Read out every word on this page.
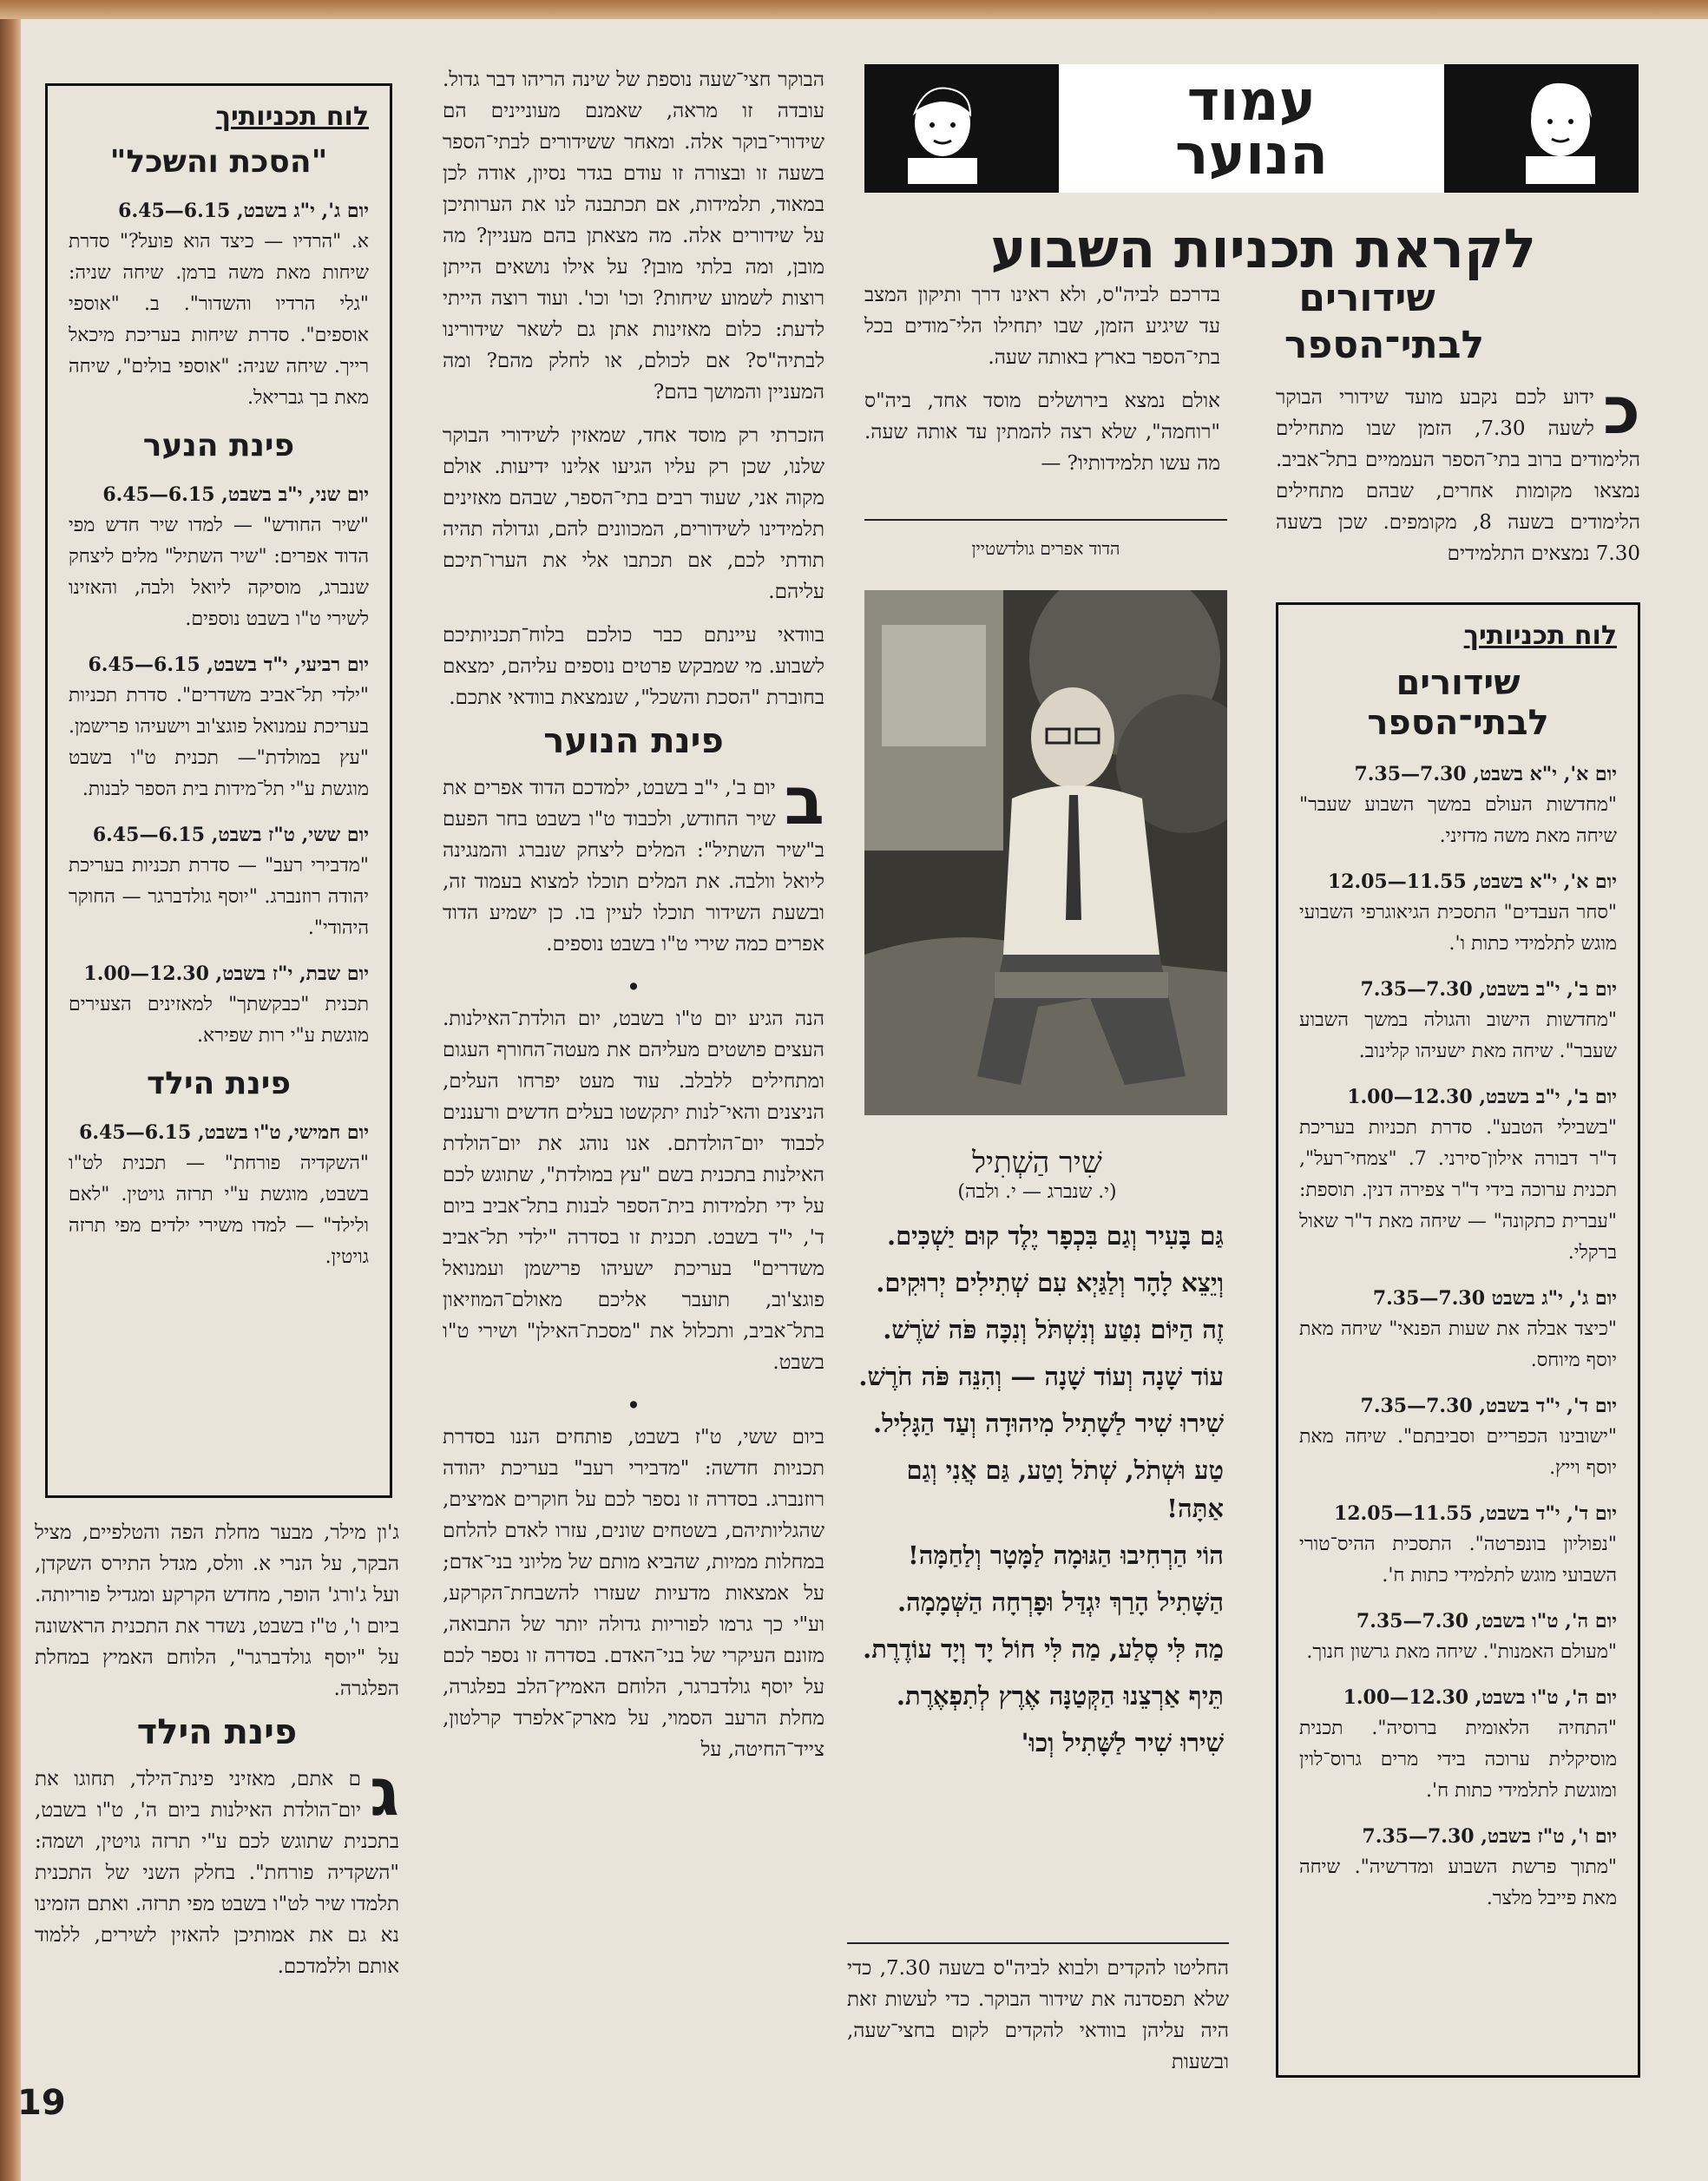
עמוד
הנוער
לקראת תכניות השבוע
שידורים
לבתי־הספר
כ
ידוע לכם נקבע מועד שידורי הבוקר לשעה 7.30, הזמן שבו מתחילים הלימודים ברוב בתי־הספר העממיים בתל־אביב. נמצאו מקומות אחרים, שבהם מתחילים הלימודים בשעה 8, מקומפים. שכן בשעה 7.30 נמצאים התלמידים

בדרכם לביה"ס, ולא ראינו דרך ותיקון המצב עד שיגיע הזמן, שבו יתחילו הלי־מודים בכל בתי־הספר בארץ באותה שעה.

אולם נמצא בירושלים מוסד אחד, ביה"ס "רוחמה", שלא רצה להמתין עד אותה שעה. מה עשו תלמידותיו? —

הדוד אפרים גולדשטיין
שִׁיר הַשְׁתִיל
(י. שנברג — י. ולבה)
גַּם בָּעִיר וְגַם בִּכְפָר יֶלֶד קוּם יַשְׁכִּים.
וְיֵצֵא לָהָר וְלַגַּיְא עִם שְׁתִילִים יְרוּקִים.
זֶה הַיּוֹם נִטַּע וְנִשְׁתֹּל וְנִכָּה פֹּה שֹׁרֶשׁ.
עוֹד שָׁנָה וְעוֹד שָׁנָה — וְהִנֵּה פֹּה חֹרֶשׁ.
שִׁירוּ שִׁיר לַשָׁתִיל מִיהוּדָה וְעַד הַגָּלִיל.
טַע וּשְׁתֹל, שְׁתֹל וָטַע, גַּם אֲנִי וְגַם אַתָּה!
הוֹי הַרְחִיבוּ הַגּוּמָה לַמָּטָר וְלַחַמָּה!
הַשָּׁתִיל הָרַךְ יִגְדַּל וּפָרְחָה הַשְּׁמָמָה.
מַה לִּי סֶלַע, מַה לִּי חוֹל יָד וְיָד עוֹדֶרֶת.
תֵּיף אַרְצֵנוּ הַקְּטַנָּה אֶרֶץ לְתִפְאֶרֶת.
שִׁירוּ שִׁיר לַשָּׁתִיל וְכוּ'
החליטו להקדים ולבוא לביה"ס בשעה 7.30, כדי שלא תפסדנה את שידור הבוקר. כדי לעשות זאת היה עליהן בוודאי להקדים לקום בחצי־שעה, ובשעות
לוח תכניותיך
שידורים
לבתי־הספר
יום א', י"א בשבט, 7.30—7.35
"מחדשות העולם במשך השבוע שעבר" שיחה מאת משה מדזיני.
יום א', י"א בשבט, 11.55—12.05
"סחר העבדים" התסכית הגיאוגרפי השבועי מוגש לתלמידי כתות ו'.
יום ב', י"ב בשבט, 7.30—7.35
"מחדשות הישוב והגולה במשך השבוע שעבר". שיחה מאת ישעיהו קלינוב.
יום ב', י"ב בשבט, 12.30—1.00
"בשבילי הטבע". סדרת תכניות בעריכת ד"ר דבורה אילון־סירני. 7. "צמחי־רעל", תכנית ערוכה בידי ד"ר צפירה דנין. תוספת: "עברית כתקונה" — שיחה מאת ד"ר שאול ברקלי.
יום ג', י"ג בשבט 7.30—7.35
"כיצד אבלה את שעות הפנאי" שיחה מאת יוסף מיוחס.
יום ד', י"ד בשבט, 7.30—7.35
"ישובינו הכפריים וסביבתם". שיחה מאת יוסף וייץ.
יום ד', י"ד בשבט, 11.55—12.05
"נפוליון בונפרטה". התסכית ההיס־טורי השבועי מוגש לתלמידי כתות ח'.
יום ה', ט"ו בשבט, 7.30—7.35
"מעולם האמנות". שיחה מאת גרשון חנוך.
יום ה', ט"ו בשבט, 12.30—1.00
"התחיה הלאומית ברוסיה". תכנית מוסיקלית ערוכה בידי מרים גרוס־לוין ומוגשת לתלמידי כתות ח'.
יום ו', ט"ז בשבט, 7.30—7.35
"מתוך פרשת השבוע ומדרשיה". שיחה מאת פייבל מלצר.

הבוקר חצי־שעה נוספת של שינה הריהו דבר גדול. עובדה זו מראה, שאמנם מעוניינים הם שידורי־בוקר אלה. ומאחר ששידורים לבתי־הספר בשעה זו ובצורה זו עודם בגדר נסיון, אודה לכן במאוד, תלמידות, אם תכתבנה לנו את הערותיכן על שידורים אלה. מה מצאתן בהם מעניין? מה מובן, ומה בלתי מובן? על אילו נושאים הייתן רוצות לשמוע שיחות? וכו' וכו'. ועוד רוצה הייתי לדעת: כלום מאזינות אתן גם לשאר שידורינו לבתיה"ס? אם לכולם, או לחלק מהם? ומה המעניין והמושך בהם?

הזכרתי רק מוסד אחד, שמאזין לשידורי הבוקר שלנו, שכן רק עליו הגיעו אלינו ידיעות. אולם מקוה אני, שעוד רבים בתי־הספר, שבהם מאזינים תלמידינו לשידורים, המכוונים להם, וגדולה תהיה תודתי לכם, אם תכתבו אלי את הערו־תיכם עליהם.

בוודאי עיינתם כבר כולכם בלוח־תכניותיכם לשבוע. מי שמבקש פרטים נוספים עליהם, ימצאם בחוברת "הסכת והשכל", שנמצאת בוודאי אתכם.

פינת הנוער

ב
יום ב', י"ב בשבט, ילמדכם הדוד אפרים את שיר החודש, ולכבוד ט"ו בשבט בחר הפעם ב"שיר השתיל": המלים ליצחק שנברג והמנגינה ליואל וולבה. את המלים תוכלו למצוא בעמוד זה, ובשעת השידור תוכלו לעיין בו. כן ישמיע הדוד אפרים כמה שירי ט"ו בשבט נוספים.

•

הנה הגיע יום ט"ו בשבט, יום הולדת־האילנות. העצים פושטים מעליהם את מעטה־החורף העגום ומתחילים ללבלב. עוד מעט יפרחו העלים, הניצנים והאי־לנות יתקשטו בעלים חדשים ורעננים לכבוד יום־הולדתם. אנו נוהג את יום־הולדת האילנות בתכנית בשם "עץ במולדת", שתוגש לכם על ידי תלמידות בית־הספר לבנות בתל־אביב ביום ד', י"ד בשבט. תכנית זו בסדרה "ילדי תל־אביב משדרים" בעריכת ישעיהו פרישמן ועמנואל פוגצ'וב, תועבר אליכם מאולם־המוזיאון בתל־אביב, ותכלול את "מסכת־האילן" ושירי ט"ו בשבט.

•

ביום ששי, ט"ז בשבט, פותחים הננו בסדרת תכניות חדשה: "מדבירי רעב" בעריכת יהודה רוזנברג. בסדרה זו נספר לכם על חוקרים אמיצים, שהגליותיהם, בשטחים שונים, עזרו לאדם להלחם במחלות ממיות, שהביא מותם של מליוני בני־אדם; על אמצאות מדעיות שעזרו להשבחת־הקרקע, וע"י כך גרמו לפוריות גדולה יותר של התבואה, מזונם העיקרי של בני־האדם. בסדרה זו נספר לכם על יוסף גולדברגר, הלוחם האמיץ־הלב בפלגרה, מחלת הרעב הסמוי, על מארק־אלפרד קרלטון, צייד־החיטה, על

לוח תכניותיך
"הסכת והשכל"
יום ג', י"ג בשבט, 6.15—6.45
א. "הרדיו — כיצד הוא פועל?" סדרת שיחות מאת משה ברמן. שיחה שניה: "גלי הרדיו והשדור". ב. "אוספי אוספים". סדרת שיחות בעריכת מיכאל רייך. שיחה שניה: "אוספי בולים", שיחה מאת בך גבריאל.
פינת הנער
יום שני, י"ב בשבט, 6.15—6.45
"שיר החודש" — למדו שיר חדש מפי הדוד אפרים: "שיר השתיל" מלים ליצחק שנברג, מוסיקה ליואל ולבה, והאזינו לשירי ט"ו בשבט נוספים.
יום רביעי, י"ד בשבט, 6.15—6.45
"ילדי תל־אביב משדרים". סדרת תכניות בעריכת עמנואל פוגצ'וב וישעיהו פרישמן. "עץ במולדת"— תכנית ט"ו בשבט מוגשת ע"י תל־מידות בית הספר לבנות.
יום ששי, ט"ז בשבט, 6.15—6.45
"מדבירי רעב" — סדרת תכניות בעריכת יהודה רוזנברג. "יוסף גולדברגר — החוקר היהודי".
יום שבת, י"ז בשבט, 12.30—1.00
תכנית "כבקשתך" למאזינים הצעירים מוגשת ע"י רות שפירא.
פינת הילד
יום חמישי, ט"ו בשבט, 6.15—6.45
"השקדיה פורחת" — תכנית לט"ו בשבט, מוגשת ע"י תרזה גויטין. "לאם ולילד" — למדו משירי ילדים מפי תרזה גויטין.

ג'ון מילר, מבער מחלת הפה והטלפיים, מציל הבקר, על הנרי א. וולס, מגדל התירס השקדן, ועל ג'ורג' הופר, מחדש הקרקע ומגדיל פוריותה. ביום ו', ט"ז בשבט, נשדר את התכנית הראשונה על "יוסף גולדברגר", הלוחם האמיץ במחלת הפלגרה.

פינת הילד

ג
ם אתם, מאזיני פינת־הילד, תחוגו את יום־הולדת האילנות ביום ה', ט"ו בשבט, בתכנית שתוגש לכם ע"י תרזה גויטין, ושמה: "השקדיה פורחת". בחלק השני של התכנית תלמדו שיר לט"ו בשבט מפי תרזה. ואתם הזמינו נא גם את אמותיכן להאזין לשירים, ללמוד אותם וללמדכם.

19
